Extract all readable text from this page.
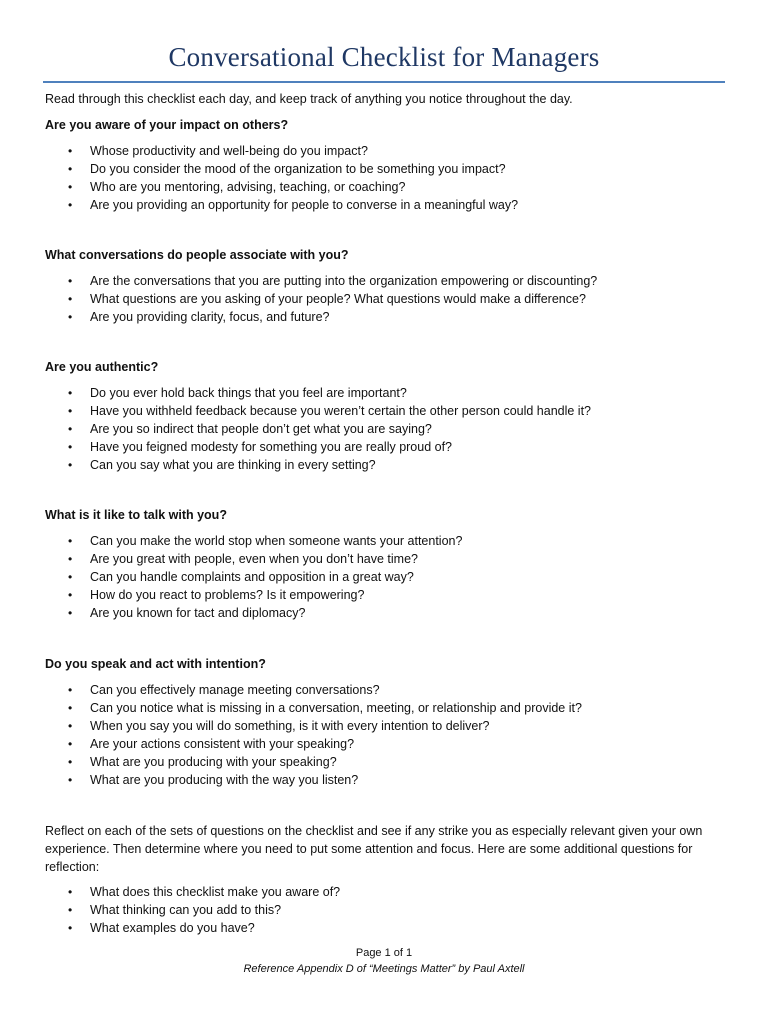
Conversational Checklist for Managers
Read through this checklist each day, and keep track of anything you notice throughout the day.
Are you aware of your impact on others?
• Whose productivity and well-being do you impact?
• Do you consider the mood of the organization to be something you impact?
• Who are you mentoring, advising, teaching, or coaching?
• Are you providing an opportunity for people to converse in a meaningful way?
What conversations do people associate with you?
• Are the conversations that you are putting into the organization empowering or discounting?
• What questions are you asking of your people? What questions would make a difference?
• Are you providing clarity, focus, and future?
Are you authentic?
• Do you ever hold back things that you feel are important?
• Have you withheld feedback because you weren’t certain the other person could handle it?
• Are you so indirect that people don’t get what you are saying?
• Have you feigned modesty for something you are really proud of?
• Can you say what you are thinking in every setting?
What is it like to talk with you?
• Can you make the world stop when someone wants your attention?
• Are you great with people, even when you don’t have time?
• Can you handle complaints and opposition in a great way?
• How do you react to problems? Is it empowering?
• Are you known for tact and diplomacy?
Do you speak and act with intention?
• Can you effectively manage meeting conversations?
• Can you notice what is missing in a conversation, meeting, or relationship and provide it?
• When you say you will do something, is it with every intention to deliver?
• Are your actions consistent with your speaking?
• What are you producing with your speaking?
• What are you producing with the way you listen?
Reflect on each of the sets of questions on the checklist and see if any strike you as especially relevant given your own experience. Then determine where you need to put some attention and focus. Here are some additional questions for reflection:
• What does this checklist make you aware of?
• What thinking can you add to this?
• What examples do you have?
Page 1 of 1
Reference Appendix D of “Meetings Matter” by Paul Axtell
